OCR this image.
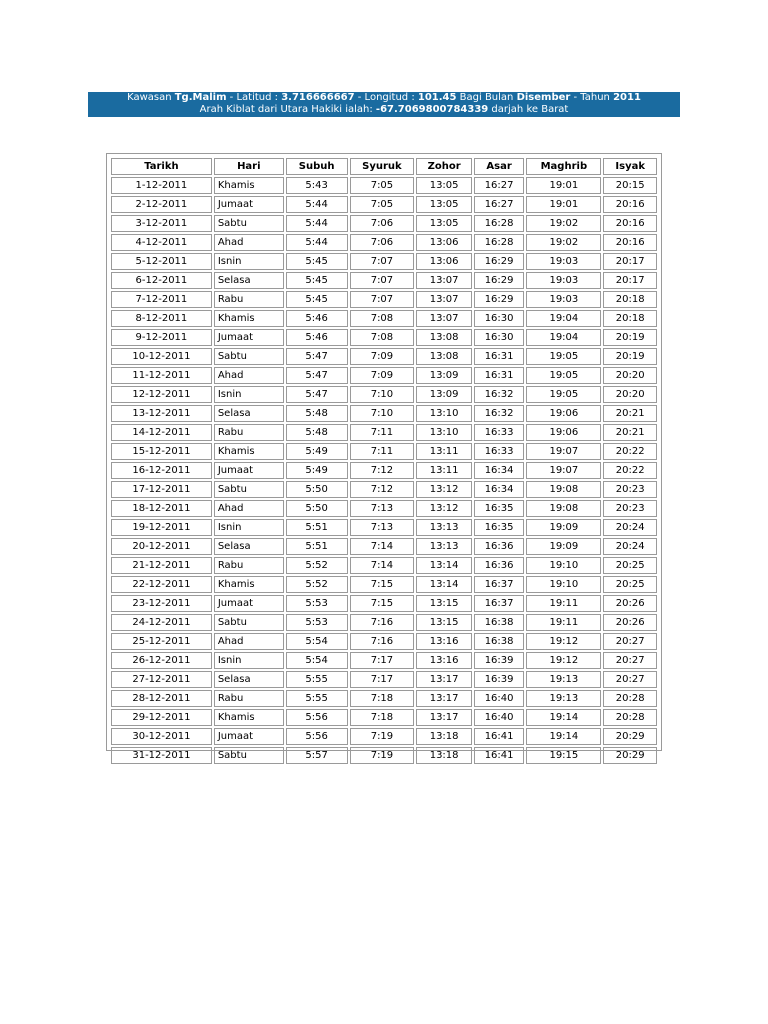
Kawasan Tg.Malim - Latitud : 3.716666667 - Longitud : 101.45 Bagi Bulan Disember - Tahun 2011
Arah Kiblat dari Utara Hakiki ialah: -67.7069800784339 darjah ke Barat
Tarikh	Hari	Subuh	Syuruk	Zohor	Asar	Maghrib	Isyak
1-12-2011	Khamis	5:43	7:05	13:05	16:27	19:01	20:15
2-12-2011	Jumaat	5:44	7:05	13:05	16:27	19:01	20:16
3-12-2011	Sabtu	5:44	7:06	13:05	16:28	19:02	20:16
4-12-2011	Ahad	5:44	7:06	13:06	16:28	19:02	20:16
5-12-2011	Isnin	5:45	7:07	13:06	16:29	19:03	20:17
6-12-2011	Selasa	5:45	7:07	13:07	16:29	19:03	20:17
7-12-2011	Rabu	5:45	7:07	13:07	16:29	19:03	20:18
8-12-2011	Khamis	5:46	7:08	13:07	16:30	19:04	20:18
9-12-2011	Jumaat	5:46	7:08	13:08	16:30	19:04	20:19
10-12-2011	Sabtu	5:47	7:09	13:08	16:31	19:05	20:19
11-12-2011	Ahad	5:47	7:09	13:09	16:31	19:05	20:20
12-12-2011	Isnin	5:47	7:10	13:09	16:32	19:05	20:20
13-12-2011	Selasa	5:48	7:10	13:10	16:32	19:06	20:21
14-12-2011	Rabu	5:48	7:11	13:10	16:33	19:06	20:21
15-12-2011	Khamis	5:49	7:11	13:11	16:33	19:07	20:22
16-12-2011	Jumaat	5:49	7:12	13:11	16:34	19:07	20:22
17-12-2011	Sabtu	5:50	7:12	13:12	16:34	19:08	20:23
18-12-2011	Ahad	5:50	7:13	13:12	16:35	19:08	20:23
19-12-2011	Isnin	5:51	7:13	13:13	16:35	19:09	20:24
20-12-2011	Selasa	5:51	7:14	13:13	16:36	19:09	20:24
21-12-2011	Rabu	5:52	7:14	13:14	16:36	19:10	20:25
22-12-2011	Khamis	5:52	7:15	13:14	16:37	19:10	20:25
23-12-2011	Jumaat	5:53	7:15	13:15	16:37	19:11	20:26
24-12-2011	Sabtu	5:53	7:16	13:15	16:38	19:11	20:26
25-12-2011	Ahad	5:54	7:16	13:16	16:38	19:12	20:27
26-12-2011	Isnin	5:54	7:17	13:16	16:39	19:12	20:27
27-12-2011	Selasa	5:55	7:17	13:17	16:39	19:13	20:27
28-12-2011	Rabu	5:55	7:18	13:17	16:40	19:13	20:28
29-12-2011	Khamis	5:56	7:18	13:17	16:40	19:14	20:28
30-12-2011	Jumaat	5:56	7:19	13:18	16:41	19:14	20:29
31-12-2011	Sabtu	5:57	7:19	13:18	16:41	19:15	20:29
